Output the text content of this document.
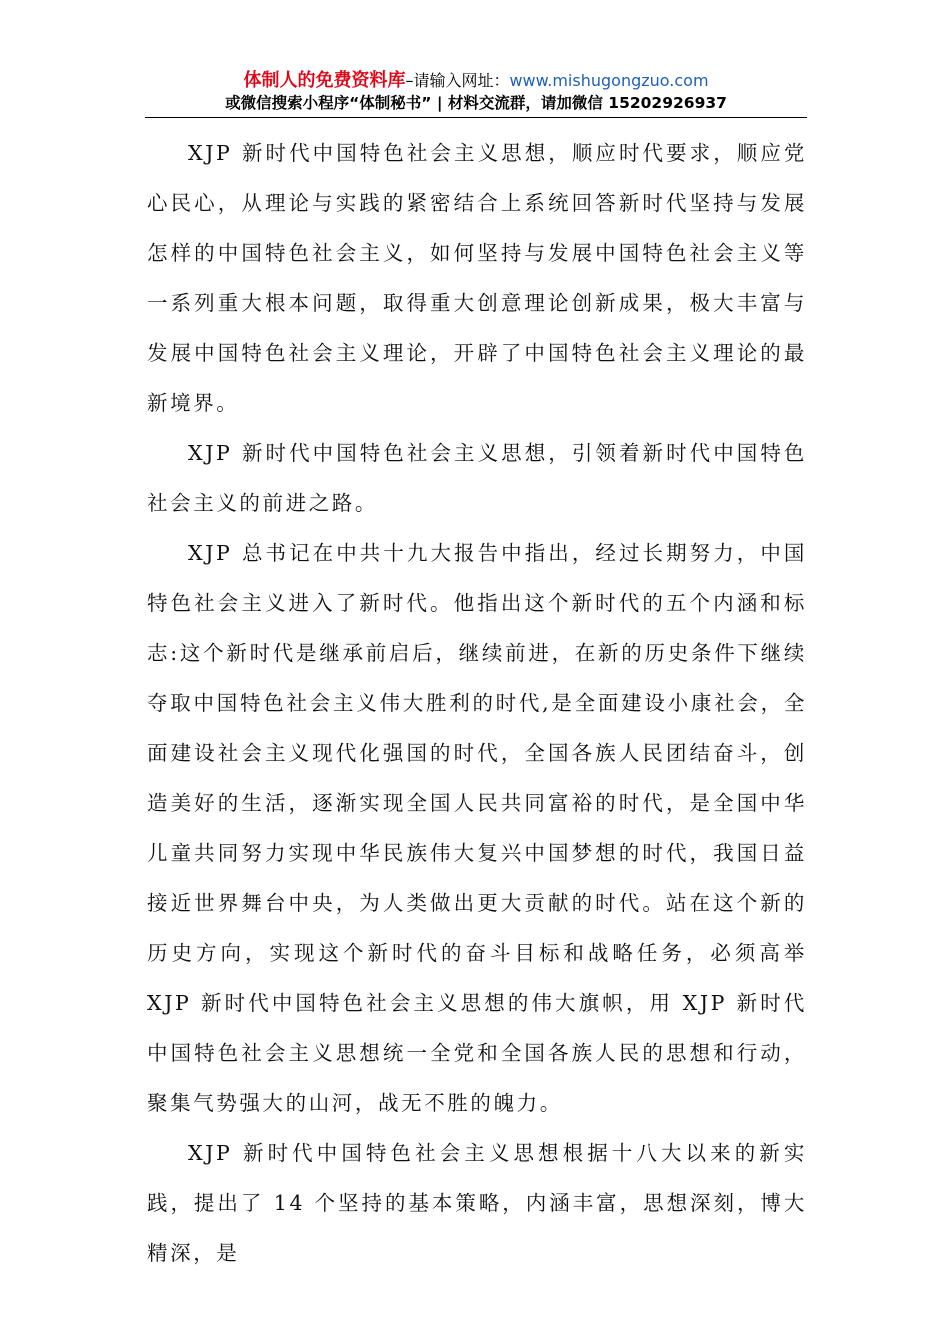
体制人的免费资料库–请输入网址：www.mishugongzuo.com
或微信搜索小程序“体制秘书” | 材料交流群，请加微信 15202926937

XJP 新时代中国特色社会主义思想，顺应时代要求，顺应党心民心，从理论与实践的紧密结合上系统回答新时代坚持与发展怎样的中国特色社会主义，如何坚持与发展中国特色社会主义等一系列重大根本问题，取得重大创意理论创新成果，极大丰富与发展中国特色社会主义理论，开辟了中国特色社会主义理论的最新境界。

XJP 新时代中国特色社会主义思想，引领着新时代中国特色社会主义的前进之路。

XJP 总书记在中共十九大报告中指出，经过长期努力，中国特色社会主义进入了新时代。他指出这个新时代的五个内涵和标志:这个新时代是继承前启后，继续前进，在新的历史条件下继续夺取中国特色社会主义伟大胜利的时代,是全面建设小康社会，全面建设社会主义现代化强国的时代，全国各族人民团结奋斗，创造美好的生活，逐渐实现全国人民共同富裕的时代，是全国中华儿童共同努力实现中华民族伟大复兴中国梦想的时代，我国日益接近世界舞台中央，为人类做出更大贡献的时代。站在这个新的历史方向，实现这个新时代的奋斗目标和战略任务，必须高举 XJP 新时代中国特色社会主义思想的伟大旗帜，用 XJP 新时代中国特色社会主义思想统一全党和全国各族人民的思想和行动，聚集气势强大的山河，战无不胜的魄力。

XJP 新时代中国特色社会主义思想根据十八大以来的新实践，提出了 14 个坚持的基本策略，内涵丰富，思想深刻，博大精深，是
